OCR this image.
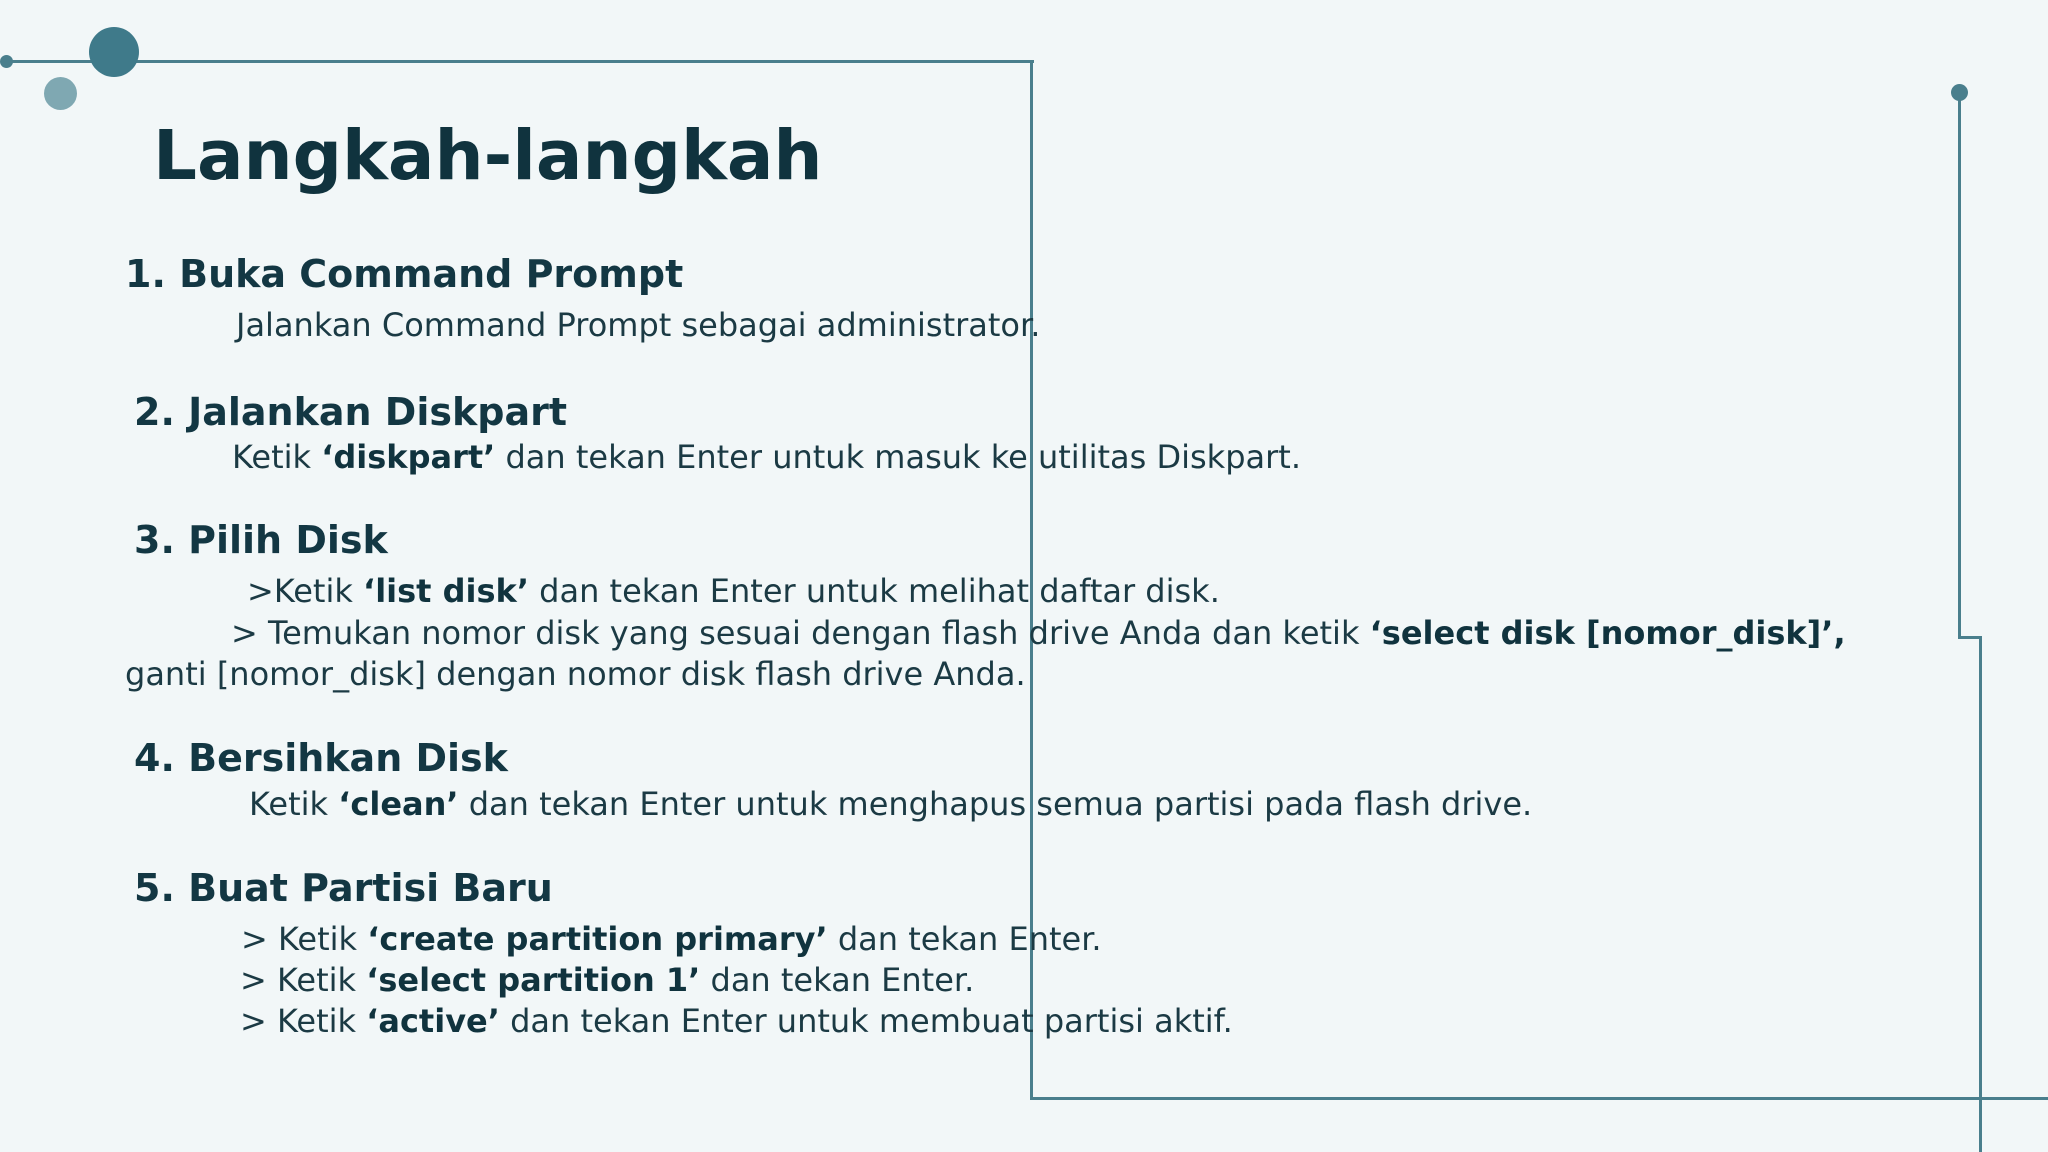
Langkah-langkah
1. Buka Command Prompt

Jalankan Command Prompt sebagai administrator.

2. Jalankan Diskpart

Ketik ‘diskpart’ dan tekan Enter untuk masuk ke utilitas Diskpart.

3. Pilih Disk

>Ketik ‘list disk’ dan tekan Enter untuk melihat daftar disk.

> Temukan nomor disk yang sesuai dengan flash drive Anda dan ketik ‘select disk [nomor_disk]’,

ganti [nomor_disk] dengan nomor disk flash drive Anda.

4. Bersihkan Disk

Ketik ‘clean’ dan tekan Enter untuk menghapus semua partisi pada flash drive.

5. Buat Partisi Baru

> Ketik ‘create partition primary’ dan tekan Enter.

> Ketik ‘select partition 1’ dan tekan Enter.

> Ketik ‘active’ dan tekan Enter untuk membuat partisi aktif.
